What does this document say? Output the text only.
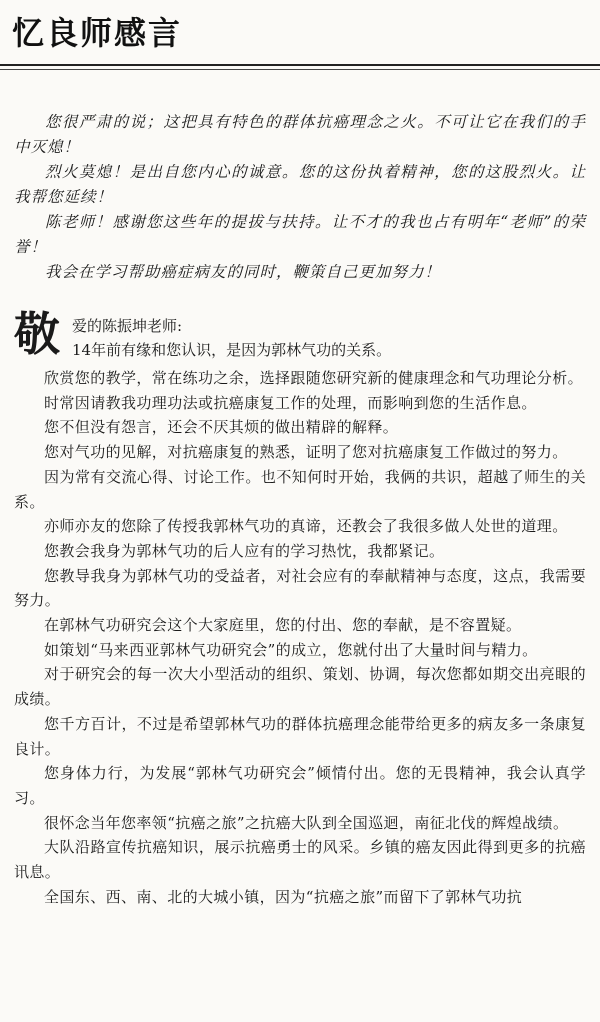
忆良师感言

您很严肃的说；这把具有特色的群体抗癌理念之火。不可让它在我们的手中灭熄！

烈火莫熄！是出自您内心的诚意。您的这份执着精神，您的这股烈火。让我帮您延续！

陈老师！感谢您这些年的提拔与扶持。让不才的我也占有明年“老师”的荣誉！

我会在学习帮助癌症病友的同时，鞭策自己更加努力！

敬 爱的陈振坤老师:
14年前有缘和您认识，是因为郭林气功的关系。

欣赏您的教学，常在练功之余，选择跟随您研究新的健康理念和气功理论分析。

时常因请教我功理功法或抗癌康复工作的处理，而影响到您的生活作息。

您不但没有怨言，还会不厌其烦的做出精辟的解释。

您对气功的见解，对抗癌康复的熟悉，证明了您对抗癌康复工作做过的努力。

因为常有交流心得、讨论工作。也不知何时开始，我俩的共识，超越了师生的关系。

亦师亦友的您除了传授我郭林气功的真谛，还教会了我很多做人处世的道理。

您教会我身为郭林气功的后人应有的学习热忱，我都紧记。

您教导我身为郭林气功的受益者，对社会应有的奉献精神与态度，这点，我需要努力。

在郭林气功研究会这个大家庭里，您的付出、您的奉献，是不容置疑。

如策划“马来西亚郭林气功研究会”的成立，您就付出了大量时间与精力。

对于研究会的每一次大小型活动的组织、策划、协调，每次您都如期交出亮眼的成绩。

您千方百计，不过是希望郭林气功的群体抗癌理念能带给更多的病友多一条康复良计。

您身体力行，为发展“郭林气功研究会”倾情付出。您的无畏精神，我会认真学习。

很怀念当年您率领“抗癌之旅”之抗癌大队到全国巡迴，南征北伐的辉煌战绩。

大队沿路宣传抗癌知识，展示抗癌勇士的风采。乡镇的癌友因此得到更多的抗癌讯息。

全国东、西、南、北的大城小镇，因为“抗癌之旅”而留下了郭林气功抗
